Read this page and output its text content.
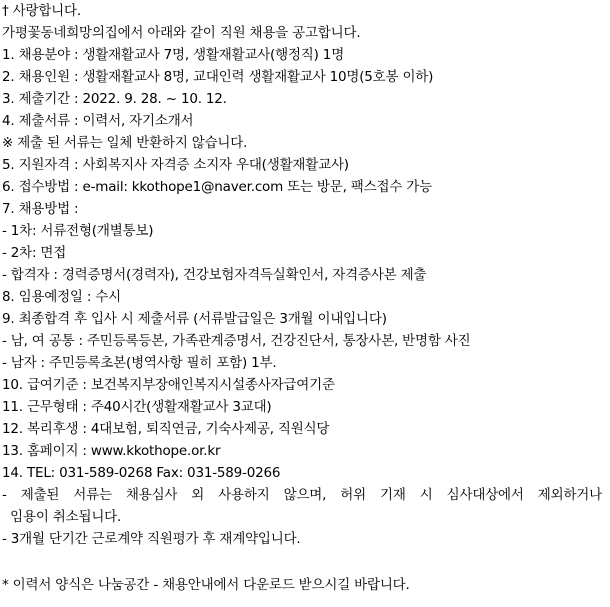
† 사랑합니다.
가평꽃동네희망의집에서 아래와 같이 직원 채용을 공고합니다.
1. 채용분야 : 생활재활교사 7명, 생활재활교사(행정직) 1명
2. 채용인원 : 생활재활교사 8명, 교대인력 생활재활교사 10명(5호봉 이하)
3. 제출기간 : 2022. 9. 28. ~ 10. 12.
4. 제출서류 : 이력서, 자기소개서
※ 제출 된 서류는 일체 반환하지 않습니다.
5. 지원자격 : 사회복지사 자격증 소지자 우대(생활재활교사)
6. 접수방법 : e-mail: kkothope1@naver.com 또는 방문, 팩스접수 가능
7. 채용방법 :
- 1차: 서류전형(개별통보)
- 2차: 면접
- 합격자 : 경력증명서(경력자), 건강보험자격득실확인서, 자격증사본 제출
8. 임용예정일 : 수시
9. 최종합격 후 입사 시 제출서류 (서류발급일은 3개월 이내입니다)
- 남, 여 공통 : 주민등록등본, 가족관계증명서, 건강진단서, 통장사본, 반명함 사진
- 남자 : 주민등록초본(병역사항 필히 포함) 1부.
10. 급여기준 : 보건복지부장애인복지시설종사자급여기준
11. 근무형태 : 주40시간(생활재활교사 3교대)
12. 복리후생 : 4대보험, 퇴직연금, 기숙사제공, 직원식당
13. 홈페이지 : www.kkothope.or.kr
14. TEL: 031-589-0268 Fax: 031-589-0266
- 제출된 서류는 채용심사 외 사용하지 않으며, 허위 기재 시 심사대상에서 제외하거나
임용이 취소됩니다.
- 3개월 단기간 근로계약 직원평가 후 재계약입니다.
* 이력서 양식은 나눔공간 - 채용안내에서 다운로드 받으시길 바랍니다.
